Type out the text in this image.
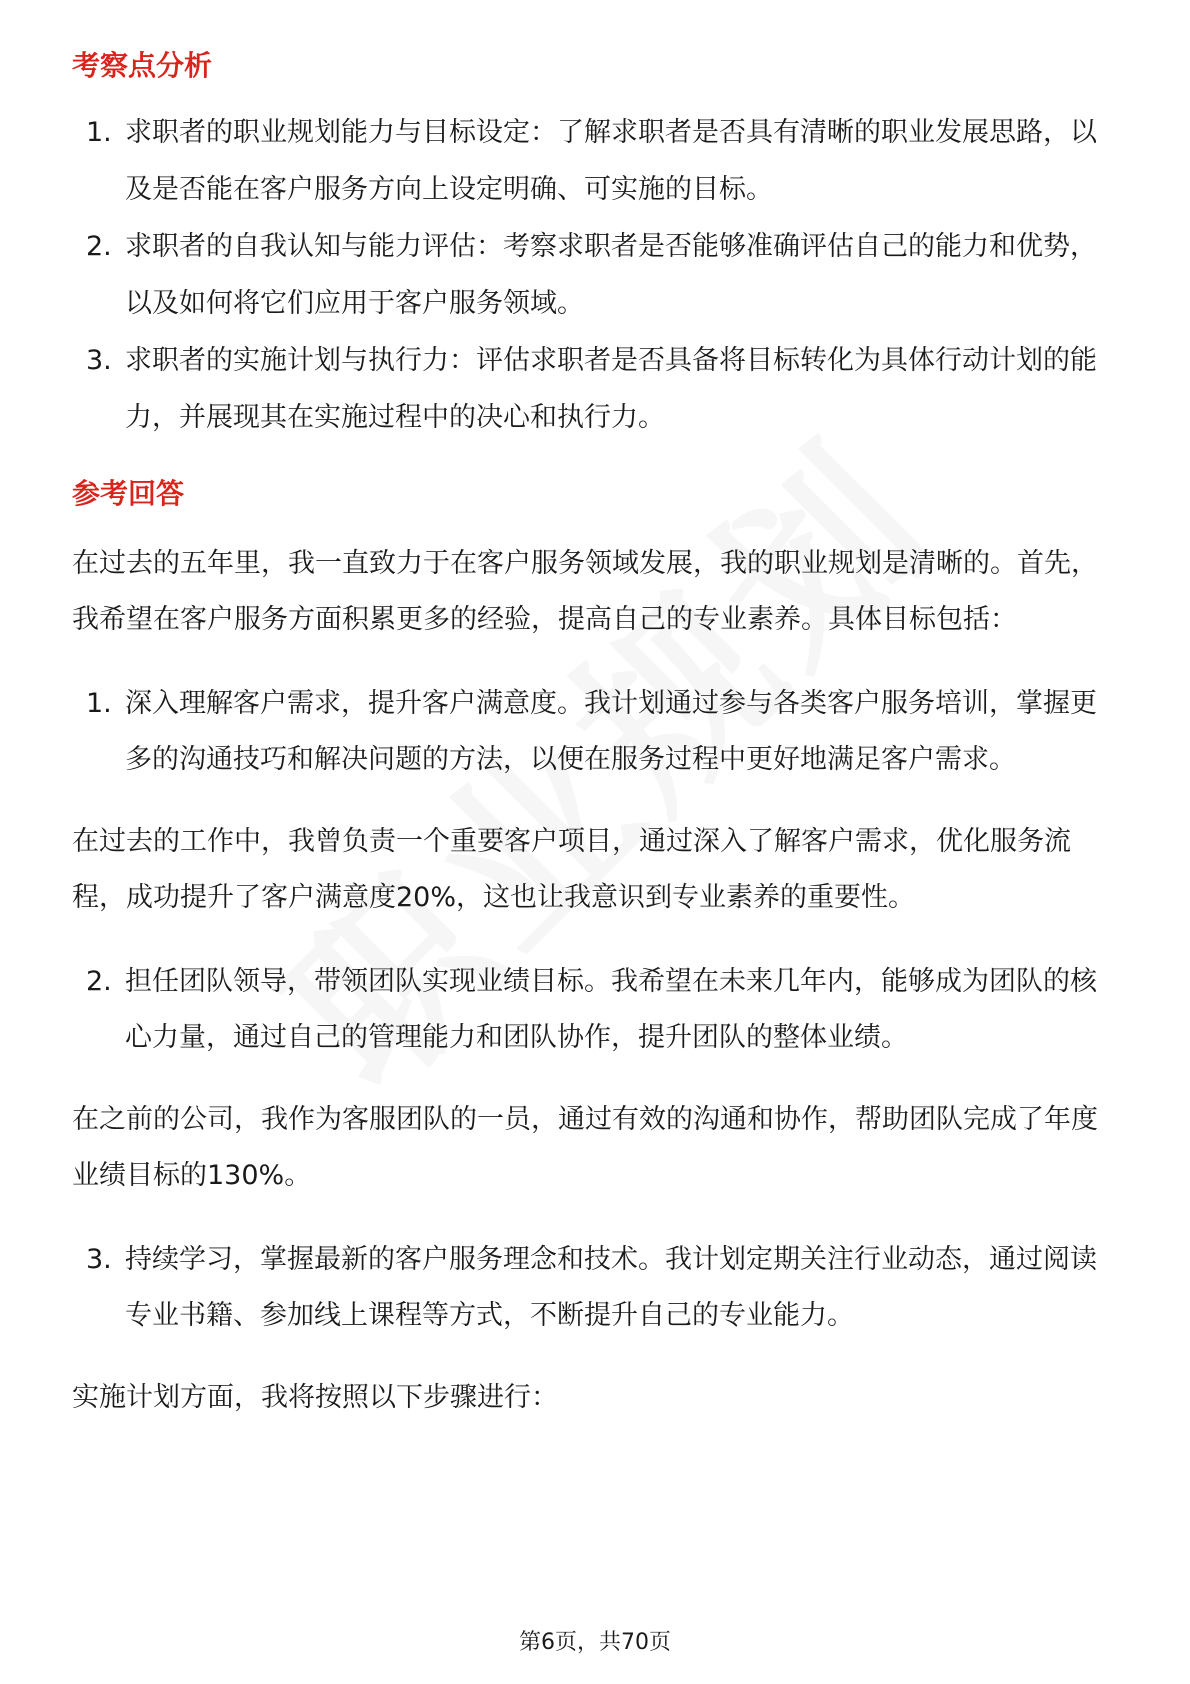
考察点分析
1. 求职者的职业规划能力与目标设定：了解求职者是否具有清晰的职业发展思路，以及是否能在客户服务方向上设定明确、可实施的目标。
2. 求职者的自我认知与能力评估：考察求职者是否能够准确评估自己的能力和优势，以及如何将它们应用于客户服务领域。
3. 求职者的实施计划与执行力：评估求职者是否具备将目标转化为具体行动计划的能力，并展现其在实施过程中的决心和执行力。
参考回答

在过去的五年里，我一直致力于在客户服务领域发展，我的职业规划是清晰的。首先，我希望在客户服务方面积累更多的经验，提高自己的专业素养。具体目标包括：

1. 深入理解客户需求，提升客户满意度。我计划通过参与各类客户服务培训，掌握更多的沟通技巧和解决问题的方法，以便在服务过程中更好地满足客户需求。

在过去的工作中，我曾负责一个重要客户项目，通过深入了解客户需求，优化服务流程，成功提升了客户满意度20%，这也让我意识到专业素养的重要性。

2. 担任团队领导，带领团队实现业绩目标。我希望在未来几年内，能够成为团队的核心力量，通过自己的管理能力和团队协作，提升团队的整体业绩。

在之前的公司，我作为客服团队的一员，通过有效的沟通和协作，帮助团队完成了年度业绩目标的130%。

3. 持续学习，掌握最新的客户服务理念和技术。我计划定期关注行业动态，通过阅读专业书籍、参加线上课程等方式，不断提升自己的专业能力。

实施计划方面，我将按照以下步骤进行：

第6页，共70页
